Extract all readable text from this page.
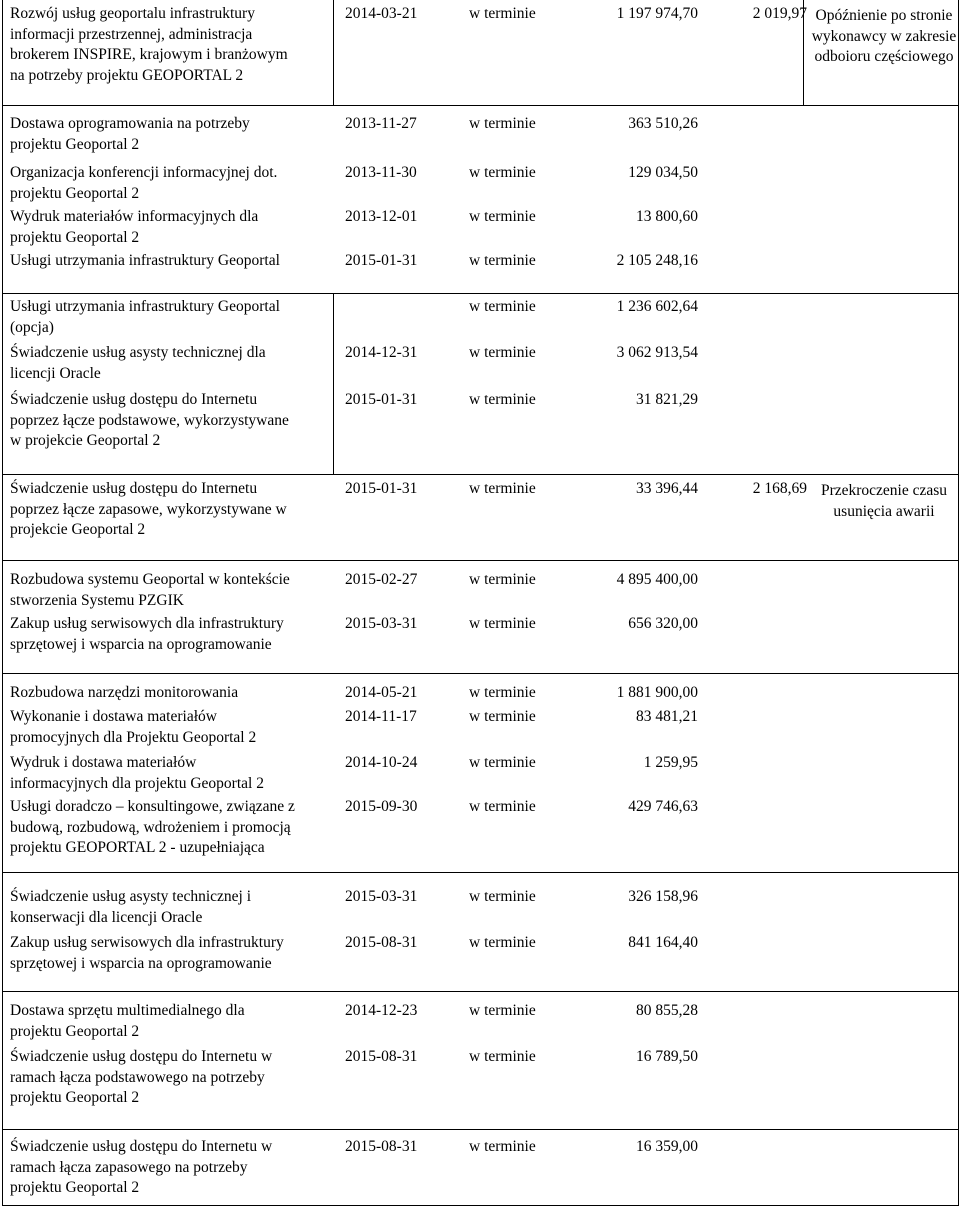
Rozwój usług geoportalu infrastruktury
informacji przestrzennej, administracja
brokerem INSPIRE, krajowym i branżowym
na potrzeby projektu GEOPORTAL 2
2014-03-21	w terminie	1 197 974,70	2 019,97 Opóźnienie po stronie wykonawcy w zakresie odboioru częściowego
Dostawa oprogramowania na potrzeby
projektu Geoportal 2
2013-11-27	w terminie	363 510,26
Organizacja konferencji informacyjnej dot.
projektu Geoportal 2
2013-11-30	w terminie	129 034,50
Wydruk materiałów informacyjnych dla
projektu Geoportal 2
2013-12-01	w terminie	13 800,60
Usługi utrzymania infrastruktury Geoportal	2015-01-31	w terminie	2 105 248,16
Usługi utrzymania infrastruktury Geoportal
(opcja)
w terminie	1 236 602,64
Świadczenie usług asysty technicznej dla
licencji Oracle
2014-12-31	w terminie	3 062 913,54
Świadczenie usług dostępu do Internetu
poprzez łącze podstawowe, wykorzystywane
w projekcie Geoportal 2
2015-01-31	w terminie	31 821,29
Świadczenie usług dostępu do Internetu
poprzez łącze zapasowe, wykorzystywane w
projekcie Geoportal 2
2015-01-31	w terminie	33 396,44	2 168,69 Przekroczenie czasu usunięcia awarii
Rozbudowa systemu Geoportal w kontekście
stworzenia Systemu PZGIK
2015-02-27	w terminie	4 895 400,00
Zakup usług serwisowych dla infrastruktury
sprzętowej i wsparcia na oprogramowanie
2015-03-31	w terminie	656 320,00
Rozbudowa narzędzi monitorowania	2014-05-21	w terminie	1 881 900,00
Wykonanie i dostawa materiałów
promocyjnych dla Projektu Geoportal 2
2014-11-17	w terminie	83 481,21
Wydruk i dostawa materiałów
informacyjnych dla projektu Geoportal 2
2014-10-24	w terminie	1 259,95
Usługi doradczo – konsultingowe, związane z
budową, rozbudową, wdrożeniem i promocją
projektu GEOPORTAL 2 - uzupełniająca
2015-09-30	w terminie	429 746,63
Świadczenie usług asysty technicznej i
konserwacji dla licencji Oracle
2015-03-31	w terminie	326 158,96
Zakup usług serwisowych dla infrastruktury
sprzętowej i wsparcia na oprogramowanie
2015-08-31	w terminie	841 164,40
Dostawa sprzętu multimedialnego dla
projektu Geoportal 2
2014-12-23	w terminie	80 855,28
Świadczenie usług dostępu do Internetu w
ramach łącza podstawowego na potrzeby
projektu Geoportal 2
2015-08-31	w terminie	16 789,50
Świadczenie usług dostępu do Internetu w
ramach łącza zapasowego na potrzeby
projektu Geoportal 2
2015-08-31	w terminie	16 359,00
